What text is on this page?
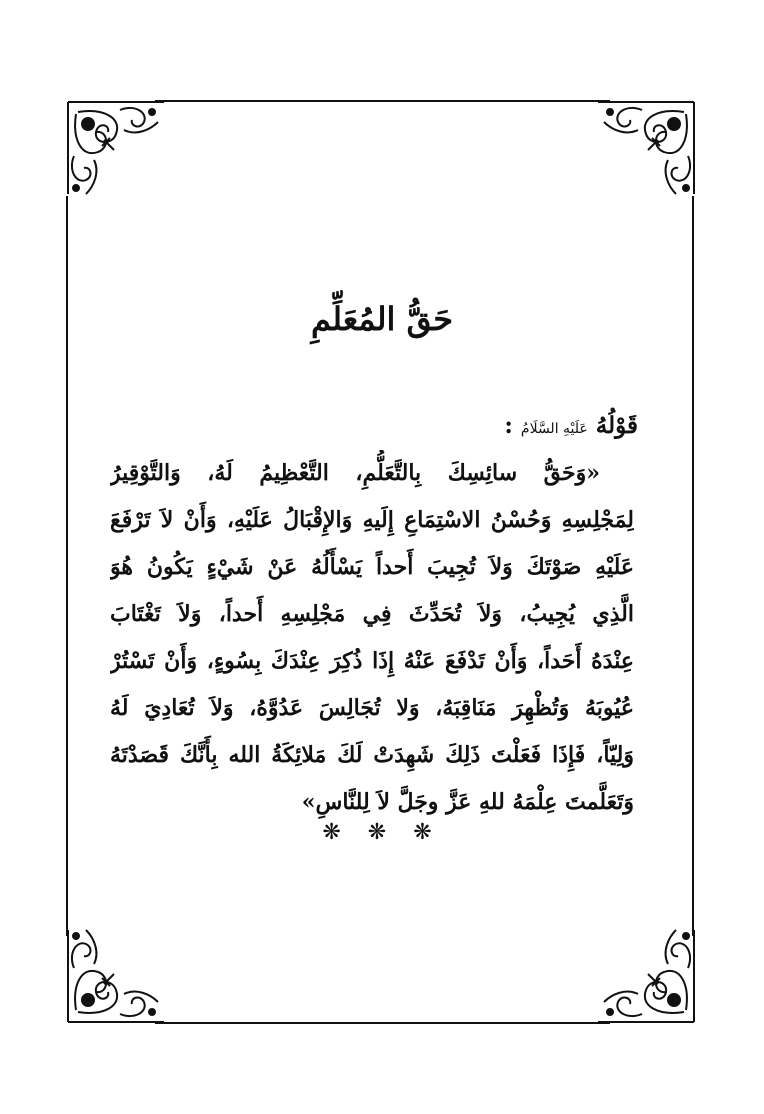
حَقُّ المُعَلِّمِ
قَوْلُهُ عَلَيْهِ السَّلَامُ :
«وَحَقُّ سائِسِكَ بِالتَّعَلُّمِ، التَّعْظِيمُ لَهُ، وَالتَّوْقِيرُ
لِمَجْلِسِهِ وَحُسْنُ الاسْتِمَاعِ إِلَيهِ وَالإِقْبَالُ عَلَيْهِ، وَأَنْ لاَ تَرْفَعَ
عَلَيْهِ صَوْتَكَ وَلاَ تُجِيبَ أَحداً يَسْأَلُهُ عَنْ شَيْءٍ يَكُونُ هُوَ
الَّذِي يُجِيبُ، وَلاَ تُحَدِّثَ فِي مَجْلِسِهِ أَحداً، وَلاَ تَغْتَابَ
عِنْدَهُ أَحَداً، وَأَنْ تَدْفَعَ عَنْهُ إِذَا ذُكِرَ عِنْدَكَ بِسُوءٍ، وَأَنْ تَسْتُرْ
عُيُوبَهُ وَتُظْهِرَ مَنَاقِبَهُ، وَلا تُجَالِسَ عَدُوَّهُ، وَلاَ تُعَادِيَ لَهُ
وَلِيّاً، فَإِذَا فَعَلْتَ ذَلِكَ شَهِدَتْ لَكَ مَلائِكَةُ الله بِأَنَّكَ قَصَدْتَهُ
وَتَعَلَّمتَ عِلْمَهُ للهِ عَزَّ وجَلَّ لاَ لِلنَّاسِ»
❋ ❋ ❋
